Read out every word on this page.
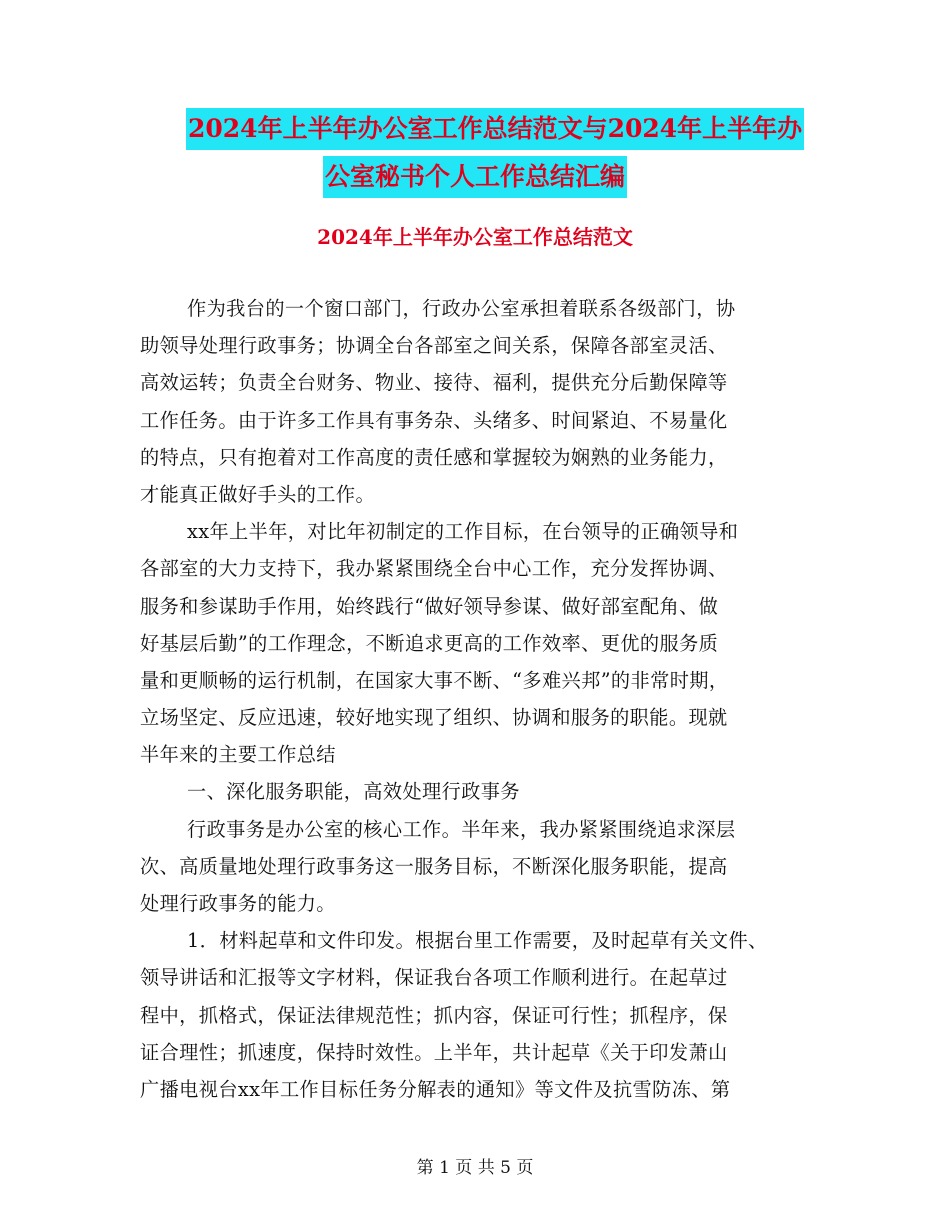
2024年上半年办公室工作总结范文与2024年上半年办
公室秘书个人工作总结汇编
2024年上半年办公室工作总结范文
作为我台的一个窗口部门，行政办公室承担着联系各级部门，协
助领导处理行政事务；协调全台各部室之间关系，保障各部室灵活、
高效运转；负责全台财务、物业、接待、福利，提供充分后勤保障等
工作任务。由于许多工作具有事务杂、头绪多、时间紧迫、不易量化
的特点，只有抱着对工作高度的责任感和掌握较为娴熟的业务能力，
才能真正做好手头的工作。
xx年上半年，对比年初制定的工作目标，在台领导的正确领导和
各部室的大力支持下，我办紧紧围绕全台中心工作，充分发挥协调、
服务和参谋助手作用，始终践行“做好领导参谋、做好部室配角、做
好基层后勤”的工作理念，不断追求更高的工作效率、更优的服务质
量和更顺畅的运行机制，在国家大事不断、“多难兴邦”的非常时期，
立场坚定、反应迅速，较好地实现了组织、协调和服务的职能。现就
半年来的主要工作总结
一、深化服务职能，高效处理行政事务
行政事务是办公室的核心工作。半年来，我办紧紧围绕追求深层
次、高质量地处理行政事务这一服务目标，不断深化服务职能，提高
处理行政事务的能力。
1．材料起草和文件印发。根据台里工作需要，及时起草有关文件、
领导讲话和汇报等文字材料，保证我台各项工作顺利进行。在起草过
程中，抓格式，保证法律规范性；抓内容，保证可行性；抓程序，保
证合理性；抓速度，保持时效性。上半年，共计起草《关于印发萧山
广播电视台xx年工作目标任务分解表的通知》等文件及抗雪防冻、第
第 1 页 共 5 页
